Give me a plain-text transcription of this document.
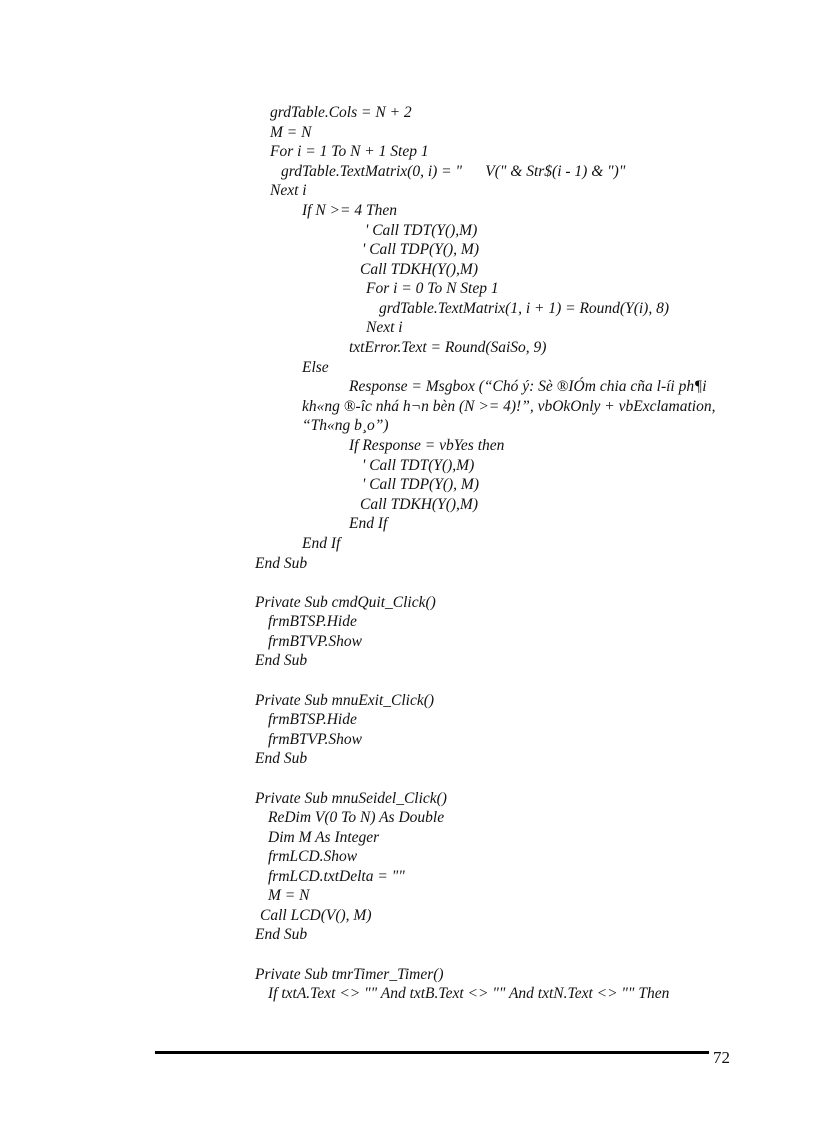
grdTable.Cols = N + 2
M = N
For i = 1 To N + 1 Step 1
grdTable.TextMatrix(0, i) = "      V(" & Str$(i - 1) & ")"
Next i
If N >= 4 Then
' Call TDT(Y(),M)
' Call TDP(Y(), M)
Call TDKH(Y(),M)
For i = 0 To N Step 1
grdTable.TextMatrix(1, i + 1) = Round(Y(i), 8)
Next i
txtError.Text = Round(SaiSo, 9)
Else
Response = Msgbox (“Chó ý: Sè ®IÓm chia cña l-íi ph¶i
kh«ng ®-îc nhá h¬n bèn (N >= 4)!”, vbOkOnly + vbExclamation,
“Th«ng b¸o”)
If Response = vbYes then
' Call TDT(Y(),M)
' Call TDP(Y(), M)
Call TDKH(Y(),M)
End If
End If
End Sub
Private Sub cmdQuit_Click()
frmBTSP.Hide
frmBTVP.Show
End Sub
Private Sub mnuExit_Click()
frmBTSP.Hide
frmBTVP.Show
End Sub
Private Sub mnuSeidel_Click()
ReDim V(0 To N) As Double
Dim M As Integer
frmLCD.Show
frmLCD.txtDelta = ""
M = N
Call LCD(V(), M)
End Sub
Private Sub tmrTimer_Timer()
If txtA.Text <> "" And txtB.Text <> "" And txtN.Text <> "" Then
72
